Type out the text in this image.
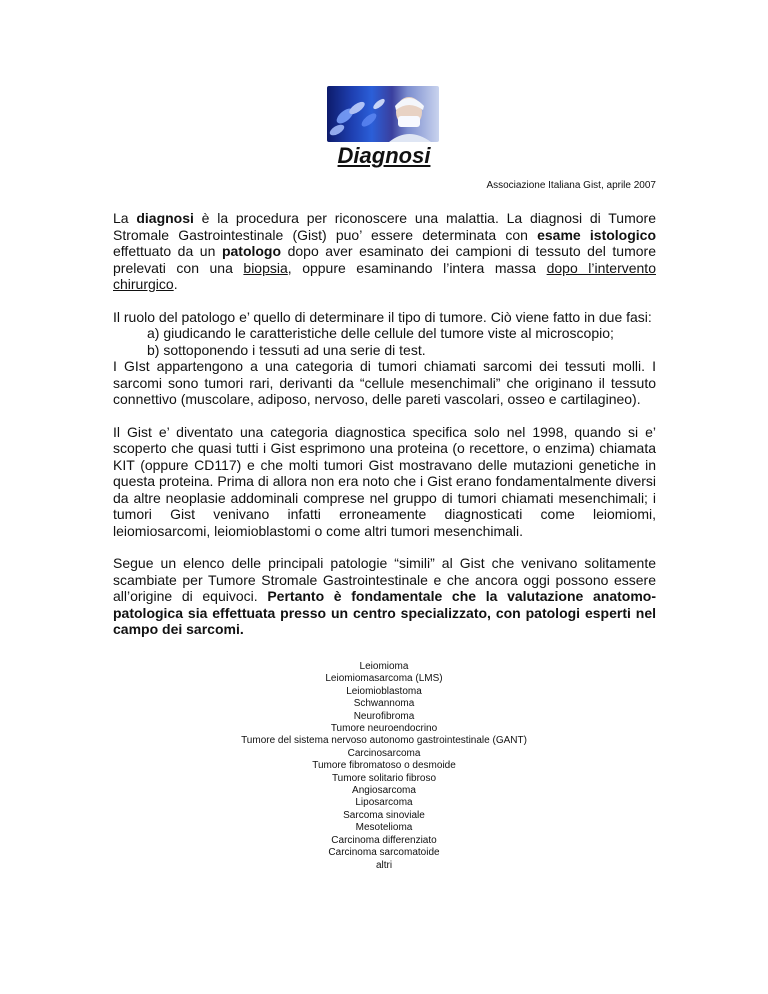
Diagnosi
Associazione Italiana Gist, aprile 2007

La diagnosi è la procedura per riconoscere una malattia. La diagnosi di Tumore Stromale Gastrointestinale (Gist) puo’ essere determinata con esame istologico effettuato da un patologo dopo aver esaminato dei campioni di tessuto del tumore prelevati con una biopsia, oppure esaminando l’intera massa dopo l’intervento chirurgico.

Il ruolo del patologo e’ quello di determinare il tipo di tumore. Ciò viene fatto in due fasi:

a) giudicando le caratteristiche delle cellule del tumore viste al microscopio;
b) sottoponendo i tessuti ad una serie di test.

I GIst appartengono a una categoria di tumori chiamati sarcomi dei tessuti molli. I sarcomi sono tumori rari, derivanti da “cellule mesenchimali” che originano il tessuto connettivo (muscolare, adiposo, nervoso, delle pareti vascolari, osseo e cartilagineo).

Il Gist e’ diventato una categoria diagnostica specifica solo nel 1998, quando si e’ scoperto che quasi tutti i Gist esprimono una proteina (o recettore, o enzima) chiamata KIT (oppure CD117) e che molti tumori Gist mostravano delle mutazioni genetiche in questa proteina. Prima di allora non era noto che i Gist erano fondamentalmente diversi da altre neoplasie addominali comprese nel gruppo di tumori chiamati mesenchimali; i tumori Gist venivano infatti erroneamente diagnosticati come leiomiomi, leiomiosarcomi, leiomioblastomi o come altri tumori mesenchimali.

Segue un elenco delle principali patologie “simili” al Gist che venivano solitamente scambiate per Tumore Stromale Gastrointestinale e che ancora oggi possono essere all’origine di equivoci. Pertanto è fondamentale che la valutazione anatomo-patologica sia effettuata presso un centro specializzato, con patologi esperti nel campo dei sarcomi.

Leiomioma
Leiomiomasarcoma (LMS)
Leiomioblastoma
Schwannoma
Neurofibroma
Tumore neuroendocrino
Tumore del sistema nervoso autonomo gastrointestinale (GANT)
Carcinosarcoma
Tumore fibromatoso o desmoide
Tumore solitario fibroso
Angiosarcoma
Liposarcoma
Sarcoma sinoviale
Mesotelioma
Carcinoma differenziato
Carcinoma sarcomatoide
altri
